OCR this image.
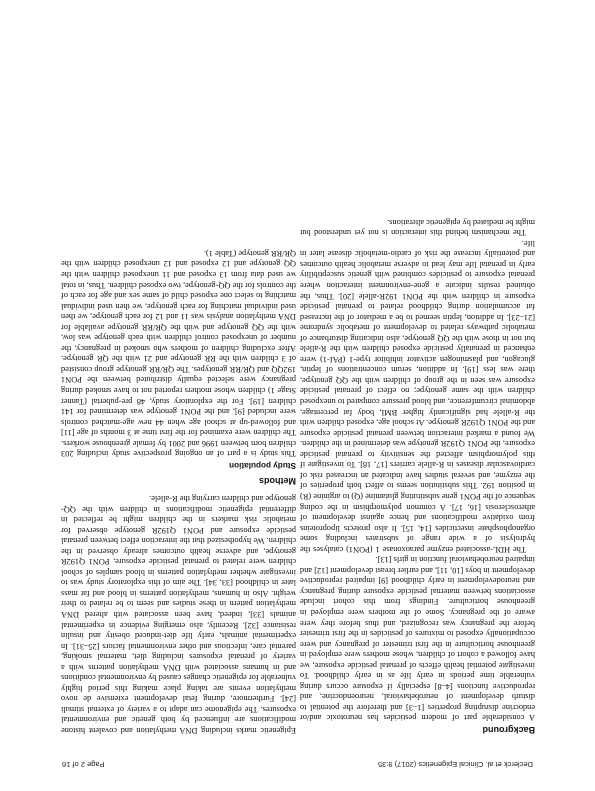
Declerck et al. Clinical Epigenetics (2017) 9:35
Page 2 of 16
Background

A considerable part of modern pesticides has neurotoxic and/or endocrine disrupting properties [1–3] and therefore the potential to disturb development of neurobehavioral, neuroendocrine, and reproductive functions [4–8] especially if exposure occurs during vulnerable time periods in early life as in early childhood. To investigate potential health effects of prenatal pesticide exposure, we have followed a cohort of children, whose mothers were employed in greenhouse horticulture in the first trimester of pregnancy and were occupationally exposed to mixtures of pesticides in the first trimester before the pregnancy was recognized, and thus before they were aware of the pregnancy. Some of the mothers were employed in greenhouse horticulture. Findings from this cohort include associations between maternal pesticide exposure during pregnancy and neurodevelopment in early childhood [9] impaired reproductive development in boys [10, 11], and earlier breast development [12] and impaired neurobehavioral function in girls [13].

The HDL-associated enzyme paraoxonase 1 (PON1) catalyses the hydrolysis of a wide range of substrates including some organophosphate insecticides [14, 15]. It also protects lipoproteins from oxidative modifications and hence against development of atherosclerosis [16, 17]. A common polymorphism in the coding sequence of the PON1 gene substituting glutamine (Q) to arginine (R) in position 192. This substitution seems to affect both properties of the enzyme, and several studies have indicated an increased risk of cardiovascular diseases in R-allele carriers [17, 18]. To investigate if this polymorphism affected the sensitivity to prenatal pesticide exposure, the PON1 Q192R genotype was determined in the children. We found a marked interaction between prenatal pesticide exposure and the PON1 Q192R genotype. At school age, exposed children with the R-allele had significantly higher BMI, body fat percentage, abdominal circumference, and blood pressure compared to unexposed children with the same genotype; no effect of prenatal pesticide exposure was seen in the group of children with the QQ genotype, there was less [19]. In addition, serum concentrations of leptin, glucagon, and plasminogen activator inhibitor type-1 (PAI-1) were enhanced in prenatally pesticide exposed children with the R-allele but not in those with the QQ genotype, also indicating disturbance of metabolic pathways related to development of metabolic syndrome [21–23]. In addition, leptin seemed to be a mediator of the increased fat accumulation during childhood related to prenatal pesticide exposure in children with the PON1 192R-allele [20]. Thus, the obtained results indicate a gene-environment interaction where prenatal exposure to pesticides combined with genetic susceptibility early in prenatal life may lead to adverse metabolic health outcomes and potentially increase the risk of cardio-metabolic disease later in life.

The mechanism behind this interaction is not yet understood but might be mediated by epigenetic alterations.

Epigenetic marks including DNA methylation and covalent histone modifications are influenced by both genetic and environmental exposures. The epigenome can adapt to a variety of external stimuli [24]. Furthermore, during fetal development extensive de novo methylation events are taking place making this period highly vulnerable for epigenetic changes caused by environmental conditions and in humans associated with DNA methylation patterns with a variety of prenatal exposures including diet, maternal smoking, parental care, infectious and other environmental factors [25–31]. In experimental animals, early life diet-induced obesity and insulin resistance [32]. Recently, also emerging evidence in experimental animals [33], indeed, have been associated with altered DNA methylation pattern in these studies and seem to be related to their weight. Also in humans, methylation patterns in blood and fat mass later in childhood [33, 34]. The aim of this exploratory study was to investigate whether methylation patterns in blood samples of school children were related to prenatal pesticide exposure, PON1 Q192R genotype, and adverse health outcomes already observed in the children. We hypothesized that the interaction effect between prenatal pesticide exposure and PON1 Q192R genotype observed for metabolic risk markers in the children might be reflected in differential epigenetic modifications in children with the QQ-genotype and children carrying the R-allele.

Methods
Study population

This study is a part of an ongoing prospective study including 203 children born between 1996 and 2001 by female greenhouse workers. The children were examined for the first time at 3 months of age [11] and followed-up at school age when 44 new age-matched controls were included [9], and the PON1 genotype was determined for 141 children [19]. For the exploratory study, 48 pre-pubertal (Tanner Stage 1) children whose mothers reported not to have smoked during pregnancy were selected equally distributed between the PON1 192QQ and QR/RR genotypes. The QR/RR genotype group consisted of 3 children with the RR genotype and 21 with the QR genotype. After excluding children of mothers who smoked in pregnancy, the number of unexposed control children with each genotype was low, with the QQ genotype and with the QR/RR genotype available for DNA methylation analysis was 11 and 12 for each genotype, we then used individual matching for each genotype, we then used individual matching to select one exposed child of same sex and age for each of the controls for the QQ-genotype, two exposed children. Thus, in total we used data from 13 exposed and 11 unexposed children with the QQ genotype and 12 exposed and 12 unexposed children with the QR/RR genotype (Table 1).
